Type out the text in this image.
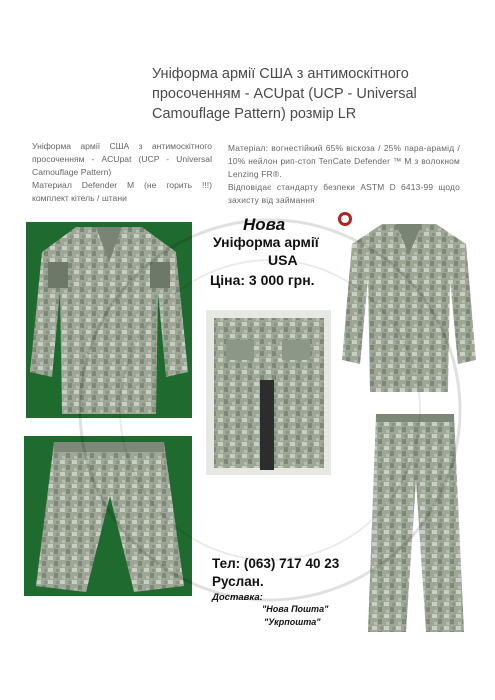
Уніформа армії США з антимоскітного просоченням - ACUpat (UCP - Universal Camouflage Pattern) розмір LR

Уніформа армії США з антимоскітного просоченням - ACUpat (UCP - Universal Camouflage Pattern)

Материал Defender M (не горить !!!) комплект кітель / штани

Матеріал: вогнестійкий 65% віскоза / 25% пара-арамід / 10% нейлон рип-стоп TenCate Defender ™ M з волокном Lenzing FR®.

Відповідає стандарту безпеки ASTM D 6413-99 щодо захисту від займання

Нова
Уніформа армії
USA
Ціна: 3 000 грн.
Тел: (063) 717 40 23
Руслан.
Доставка:
"Нова Пошта"
"Укрпошта"
